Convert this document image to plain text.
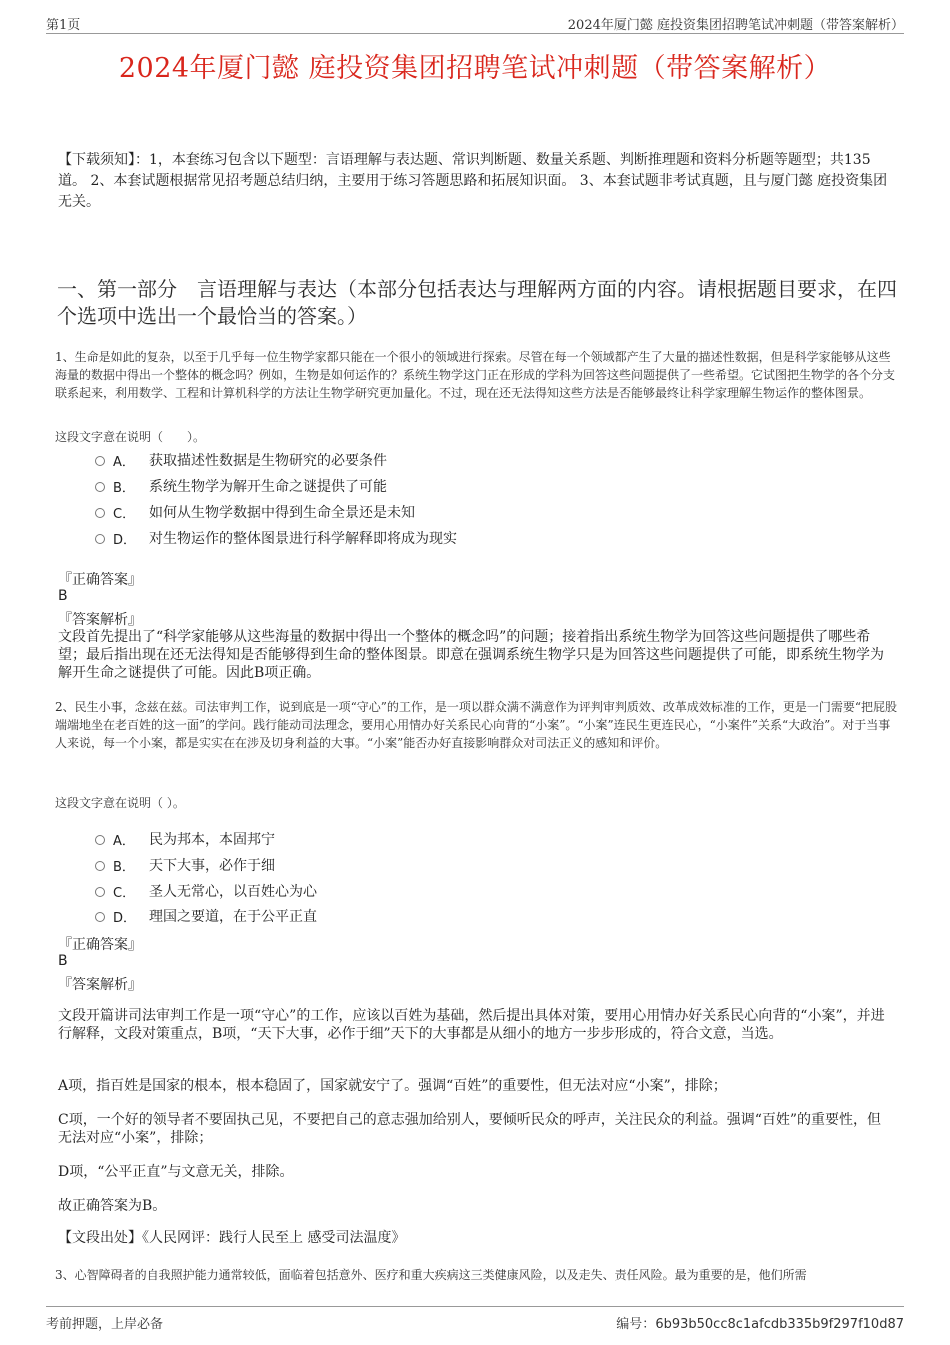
第1页	2024年厦门懿 庭投资集团招聘笔试冲刺题（带答案解析）
2024年厦门懿 庭投资集团招聘笔试冲刺题（带答案解析）
【下载须知】：1，本套练习包含以下题型：言语理解与表达题、常识判断题、数量关系题、判断推理题和资料分析题等题型；共135道。 2、本套试题根据常见招考题总结归纳，主要用于练习答题思路和拓展知识面。 3、本套试题非考试真题，且与厦门懿 庭投资集团无关。
一、第一部分　言语理解与表达（本部分包括表达与理解两方面的内容。请根据题目要求，在四个选项中选出一个最恰当的答案。）
1、生命是如此的复杂，以至于几乎每一位生物学家都只能在一个很小的领域进行探索。尽管在每一个领域都产生了大量的描述性数据，但是科学家能够从这些海量的数据中得出一个整体的概念吗？例如，生物是如何运作的？系统生物学这门正在形成的学科为回答这些问题提供了一些希望。它试图把生物学的各个分支联系起来，利用数学、工程和计算机科学的方法让生物学研究更加量化。不过，现在还无法得知这些方法是否能够最终让科学家理解生物运作的整体图景。
这段文字意在说明（　　）。
A．	获取描述性数据是生物研究的必要条件
B．	系统生物学为解开生命之谜提供了可能
C． 如何从生物学数据中得到生命全景还是未知
D． 对生物运作的整体图景进行科学解释即将成为现实
『正确答案』
B
『答案解析』
文段首先提出了“科学家能够从这些海量的数据中得出一个整体的概念吗”的问题；接着指出系统生物学为回答这些问题提供了哪些希望；最后指出现在还无法得知是否能够得到生命的整体图景。即意在强调系统生物学只是为回答这些问题提供了可能，即系统生物学为解开生命之谜提供了可能。因此B项正确。
2、民生小事，念兹在兹。司法审判工作，说到底是一项“守心”的工作，是一项以群众满不满意作为评判审判质效、改革成效标准的工作，更是一门需要“把屁股端端地坐在老百姓的这一面”的学问。践行能动司法理念，要用心用情办好关系民心向背的“小案”。“小案”连民生更连民心，“小案件”关系“大政治”。对于当事人来说，每一个小案，都是实实在在涉及切身利益的大事。“小案”能否办好直接影响群众对司法正义的感知和评价。
这段文字意在说明（ ）。
A．	民为邦本，本固邦宁
B．	天下大事，必作于细
C． 圣人无常心，以百姓心为心
D． 理国之要道，在于公平正直
『正确答案』
B
『答案解析』
文段开篇讲司法审判工作是一项“守心”的工作，应该以百姓为基础，然后提出具体对策，要用心用情办好关系民心向背的“小案”，并进行解释，文段对策重点，B项，“天下大事，必作于细”天下的大事都是从细小的地方一步步形成的，符合文意，当选。
A项，指百姓是国家的根本，根本稳固了，国家就安宁了。强调“百姓”的重要性，但无法对应“小案”，排除；
C项，一个好的领导者不要固执己见，不要把自己的意志强加给别人，要倾听民众的呼声，关注民众的利益。强调“百姓”的重要性，但无法对应“小案”，排除；
D项，“公平正直”与文意无关，排除。
故正确答案为B。
【文段出处】《人民网评：践行人民至上 感受司法温度》
3、心智障碍者的自我照护能力通常较低，面临着包括意外、医疗和重大疾病这三类健康风险，以及走失、责任风险。最为重要的是，他们所需
考前押题，上岸必备	编号：6b93b50cc8c1afcdb335b9f297f10d87
